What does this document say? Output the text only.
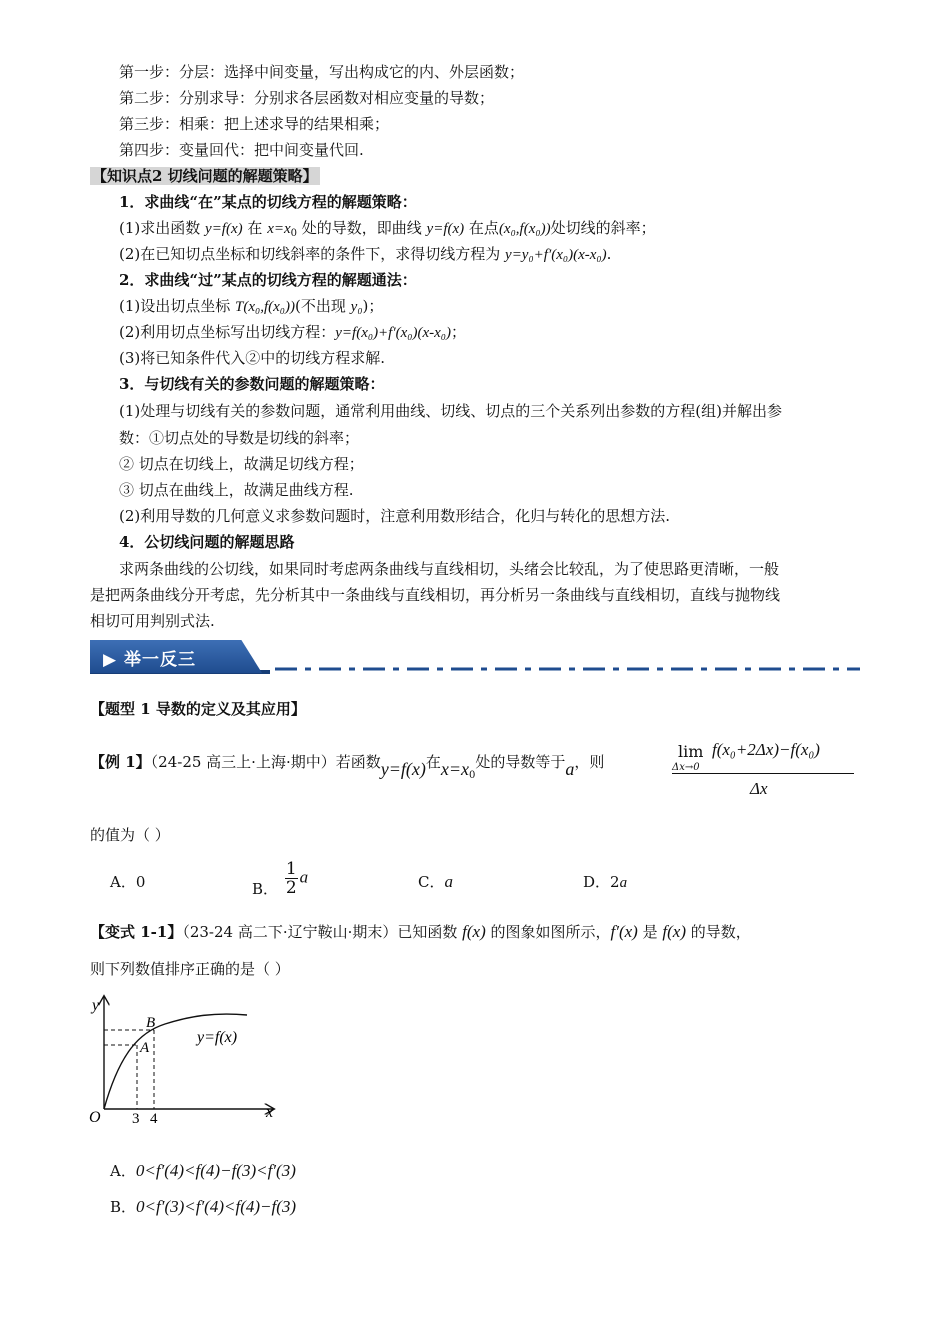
第一步：分层：选择中间变量，写出构成它的内、外层函数；
第二步：分别求导：分别求各层函数对相应变量的导数；
第三步：相乘：把上述求导的结果相乘；
第四步：变量回代：把中间变量代回.
【知识点2 切线问题的解题策略】
1．求曲线“在”某点的切线方程的解题策略：
(1)求出函数 y=f(x) 在 $x=x_0$ 处的导数，即曲线 y=f(x) 在点(x₀,f(x₀))处切线的斜率；
(2)在已知切点坐标和切线斜率的条件下，求得切线方程为 y=y₀+f′(x₀)(x-x₀).
2．求曲线“过”某点的切线方程的解题通法：
(1)设出切点坐标 T(x₀,f(x₀))(不出现 y₀)；
(2)利用切点坐标写出切线方程：y=f(x₀)+f′(x₀)(x-x₀)；
(3)将已知条件代入②中的切线方程求解.
3．与切线有关的参数问题的解题策略：
(1)处理与切线有关的参数问题，通常利用曲线、切线、切点的三个关系列出参数的方程(组)并解出参
数：①切点处的导数是切线的斜率；
② 切点在切线上，故满足切线方程；
③ 切点在曲线上，故满足曲线方程.
(2)利用导数的几何意义求参数问题时，注意利用数形结合，化归与转化的思想方法.
4．公切线问题的解题思路
求两条曲线的公切线，如果同时考虑两条曲线与直线相切，头绪会比较乱，为了使思路更清晰，一般
是把两条曲线分开考虑，先分析其中一条曲线与直线相切，再分析另一条曲线与直线相切，直线与抛物线
相切可用判别式法.
▶ 举一反三
【题型 1 导数的定义及其应用】
【例 1】（24-25 高三上·上海·期中）若函数y=f(x)在$x=x_0$处的导数等于a，则
lim
Δx→0
f(x₀+2Δx)−f(x₀)
Δx
的值为（ ）
A．0	B． $\frac{1}{2}$ a	C．a	D．2a
【变式 1-1】（23-24 高二下·辽宁鞍山·期末）已知函数 f(x) 的图象如图所示，f′(x) 是 f(x) 的导数，
则下列数值排序正确的是（ ）
y
x
O 3 4
A
B
y=f(x)
A．0<f′(4)<f(4)−f(3)<f′(3)
B．0<f′(3)<f′(4)<f(4)−f(3)
